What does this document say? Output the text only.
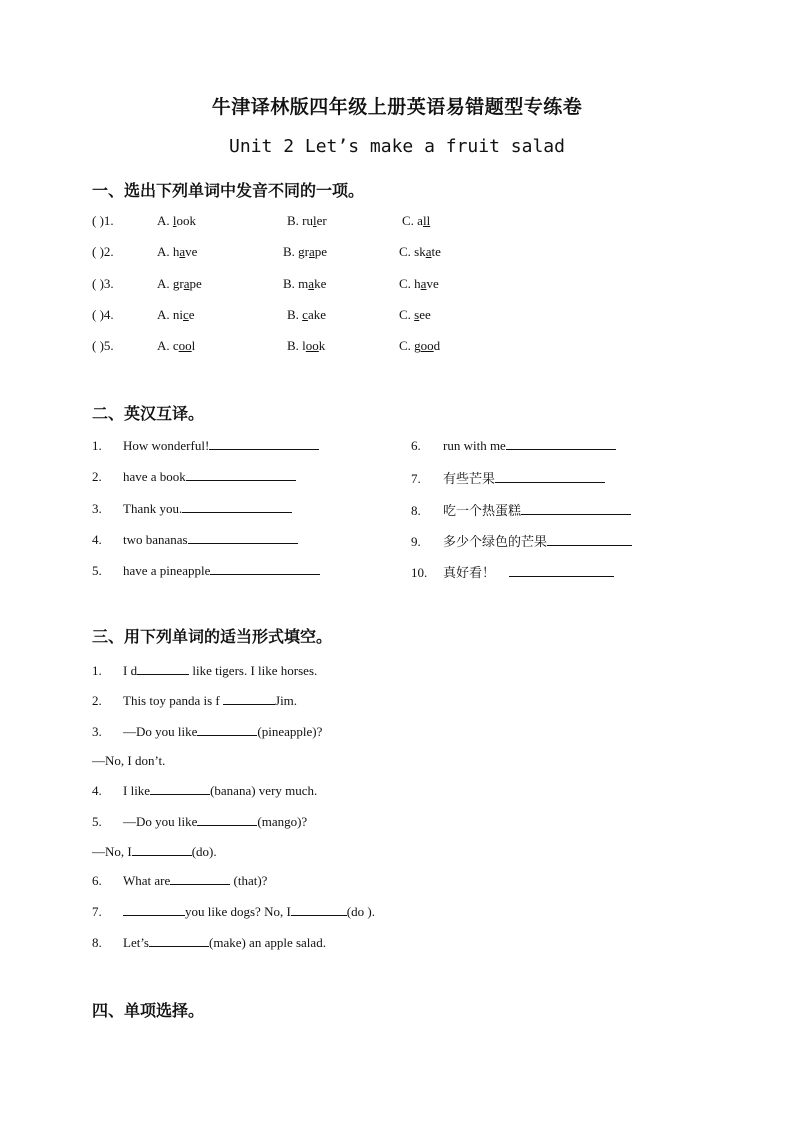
牛津译林版四年级上册英语易错题型专练卷
Unit 2 Let’s make a fruit salad
一、选出下列单词中发音不同的一项。
( )1.	A. look	B. ruler	C. all
( )2.	A. have	B. grape	C. skate
( )3.	A. grape	B. make	C. have
( )4.	A. nice	B. cake	C. see
( )5.	A. cool	B. look	C. good
二、英汉互译。
1. How wonderful!
2. have a book
3. Thank you.
4. two bananas
5. have a pineapple
6. run with me
7. 有些芒果
8. 吃一个热蛋糕
9. 多少个绿色的芒果
10. 真好看！
三、用下列单词的适当形式填空。
1. I d	like tigers. I like horses.
2. This toy panda is f	Jim.
3. —Do you like	(pineapple)?
—No, I don’t.
4. I like	(banana) very much.
5. —Do you like	(mango)?
—No, I	(do).
6. What are	(that)?
7.	you like dogs? No, I	(do ).
8. Let’s	(make) an apple salad.
四、单项选择。
